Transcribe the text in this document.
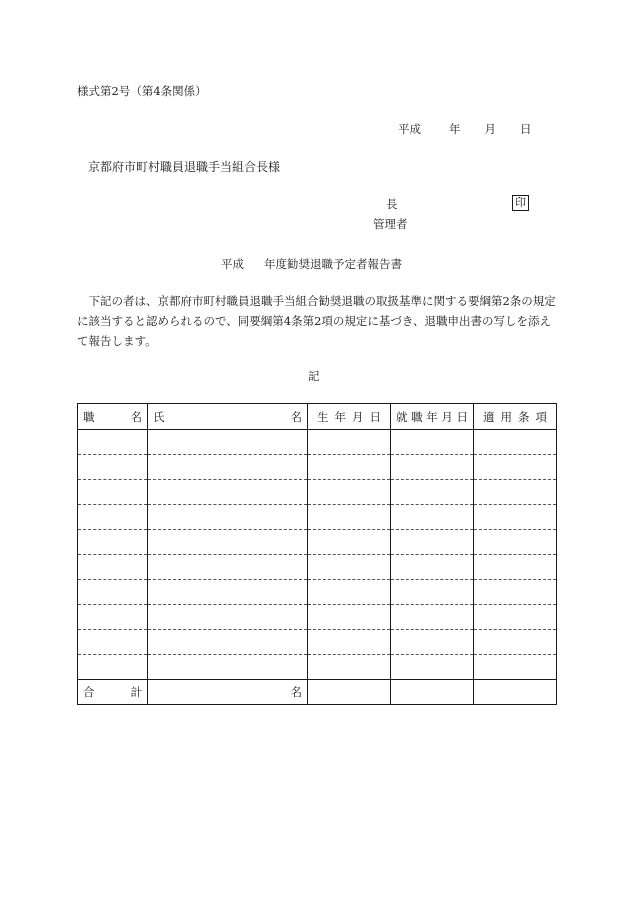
様式第2号（第4条関係）
平成 年 月 日
京都府市町村職員退職手当組合長様
長	印
管理者
平成 年度勧奨退職予定者報告書

　下記の者は、京都府市町村職員退職手当組合勧奨退職の取扱基準に関する要綱第2条の規定に該当すると認められるので、同要綱第4条第2項の規定に基づき、退職申出書の写しを添えて報告します。

記
職 名	氏 名	生 年 月 日	就 職 年 月 日	適 用 条 項

合 計	名			
